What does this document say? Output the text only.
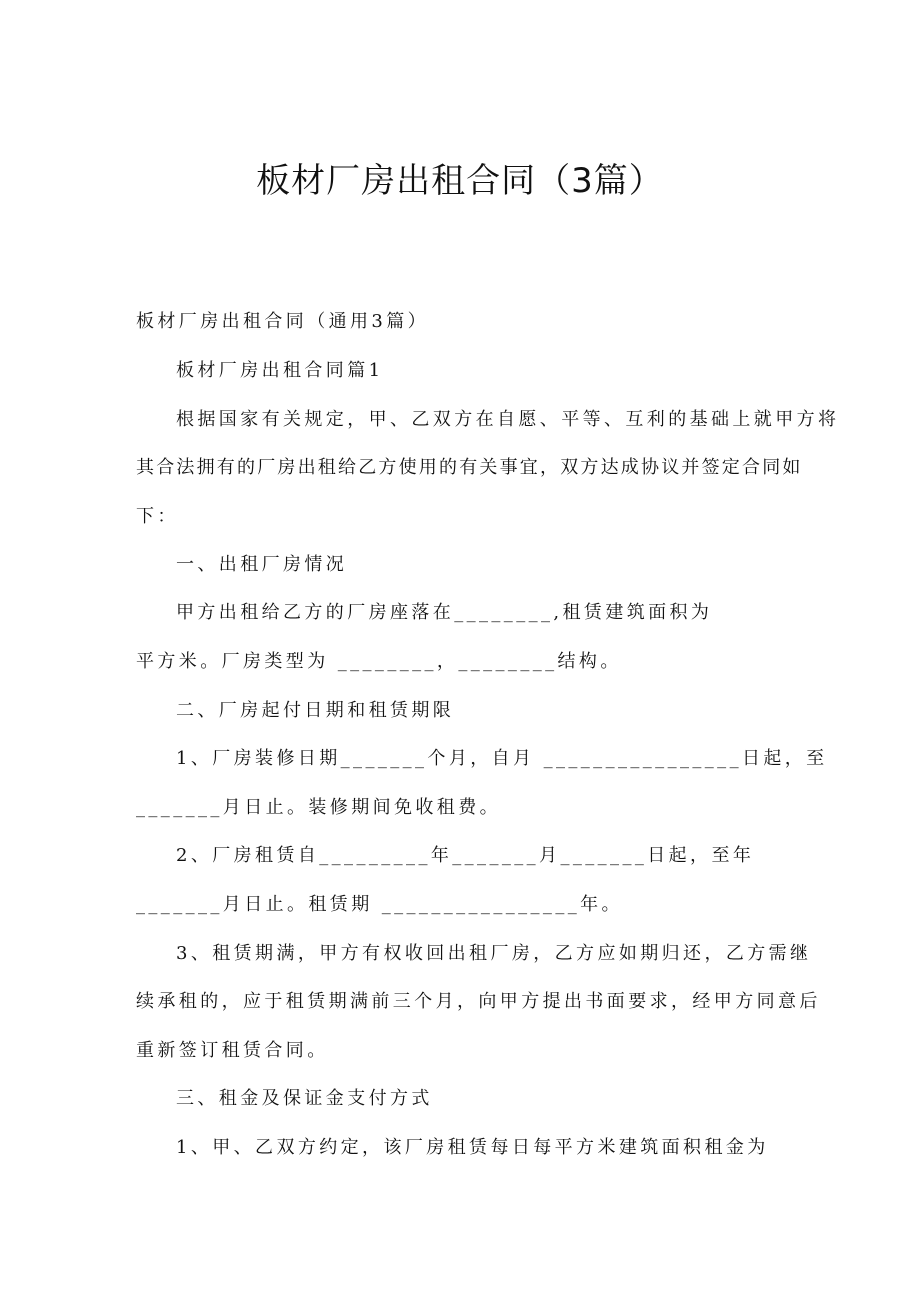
板材厂房出租合同（3篇）
板材厂房出租合同（通用3篇）
板材厂房出租合同篇1
根据国家有关规定，甲、乙双方在自愿、平等、互利的基础上就甲方将
其合法拥有的厂房出租给乙方使用的有关事宜，双方达成协议并签定合同如
下：
一、出租厂房情况
甲方出租给乙方的厂房座落在________,租赁建筑面积为
平方米。厂房类型为 ________，________结构。
二、厂房起付日期和租赁期限
1、厂房装修日期_______个月，自月 ________________日起，至
_______月日止。装修期间免收租费。
2、厂房租赁自_________年_______月_______日起，至年
_______月日止。租赁期 ________________年。
3、租赁期满，甲方有权收回出租厂房，乙方应如期归还，乙方需继
续承租的，应于租赁期满前三个月，向甲方提出书面要求，经甲方同意后
重新签订租赁合同。
三、租金及保证金支付方式
1、甲、乙双方约定，该厂房租赁每日每平方米建筑面积租金为
